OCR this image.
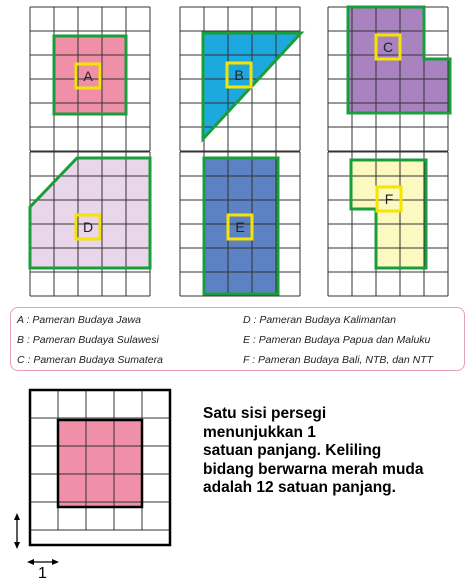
A	B
C
D	E
F
A : Pameran Budaya Jawa	D : Pameran Budaya Kalimantan
B : Pameran Budaya Sulawesi	E : Pameran Budaya Papua dan Maluku
C : Pameran Budaya Sumatera	F : Pameran Budaya Bali, NTB, dan NTT
Satu sisi persegi
menunjukkan 1
satuan panjang. Keliling
bidang berwarna merah muda
adalah 12 satuan panjang.
1
